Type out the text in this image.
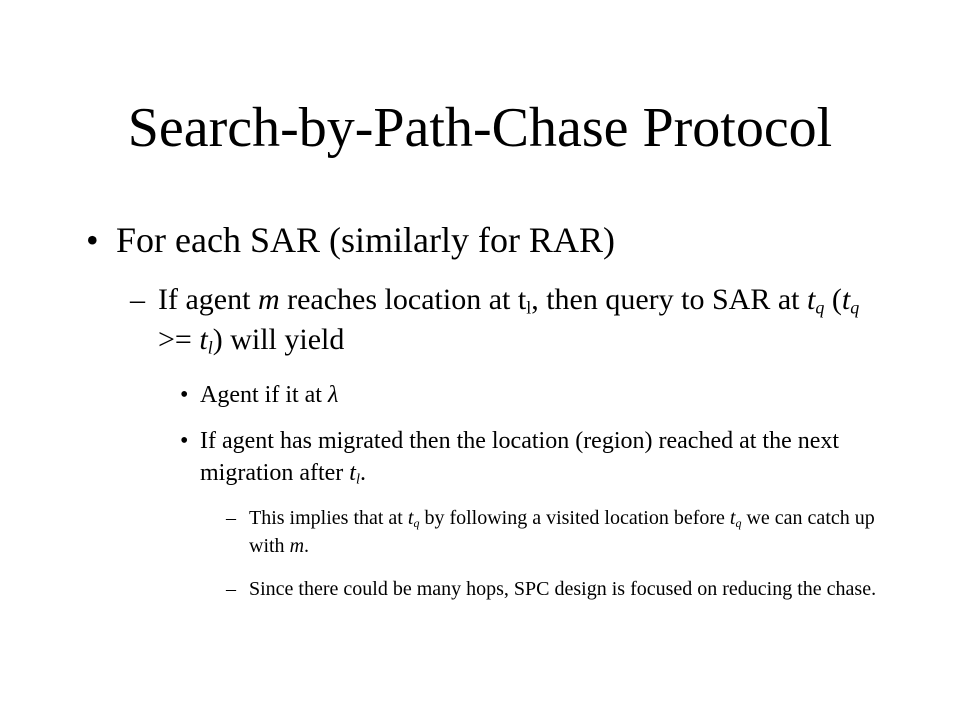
Search-by-Path-Chase Protocol
• For each SAR (similarly for RAR)
– If agent m reaches location at $t_l$, then query to SAR at $t_q$ $(t_q >= t_l)$ will yield
• Agent if it at λ
• If agent has migrated then the location (region) reached at the next migration after $t_l$.
– This implies that at $t_q$ by following a visited location before $t_q$ we can catch up with m.
– Since there could be many hops, SPC design is focused on reducing the chase.
